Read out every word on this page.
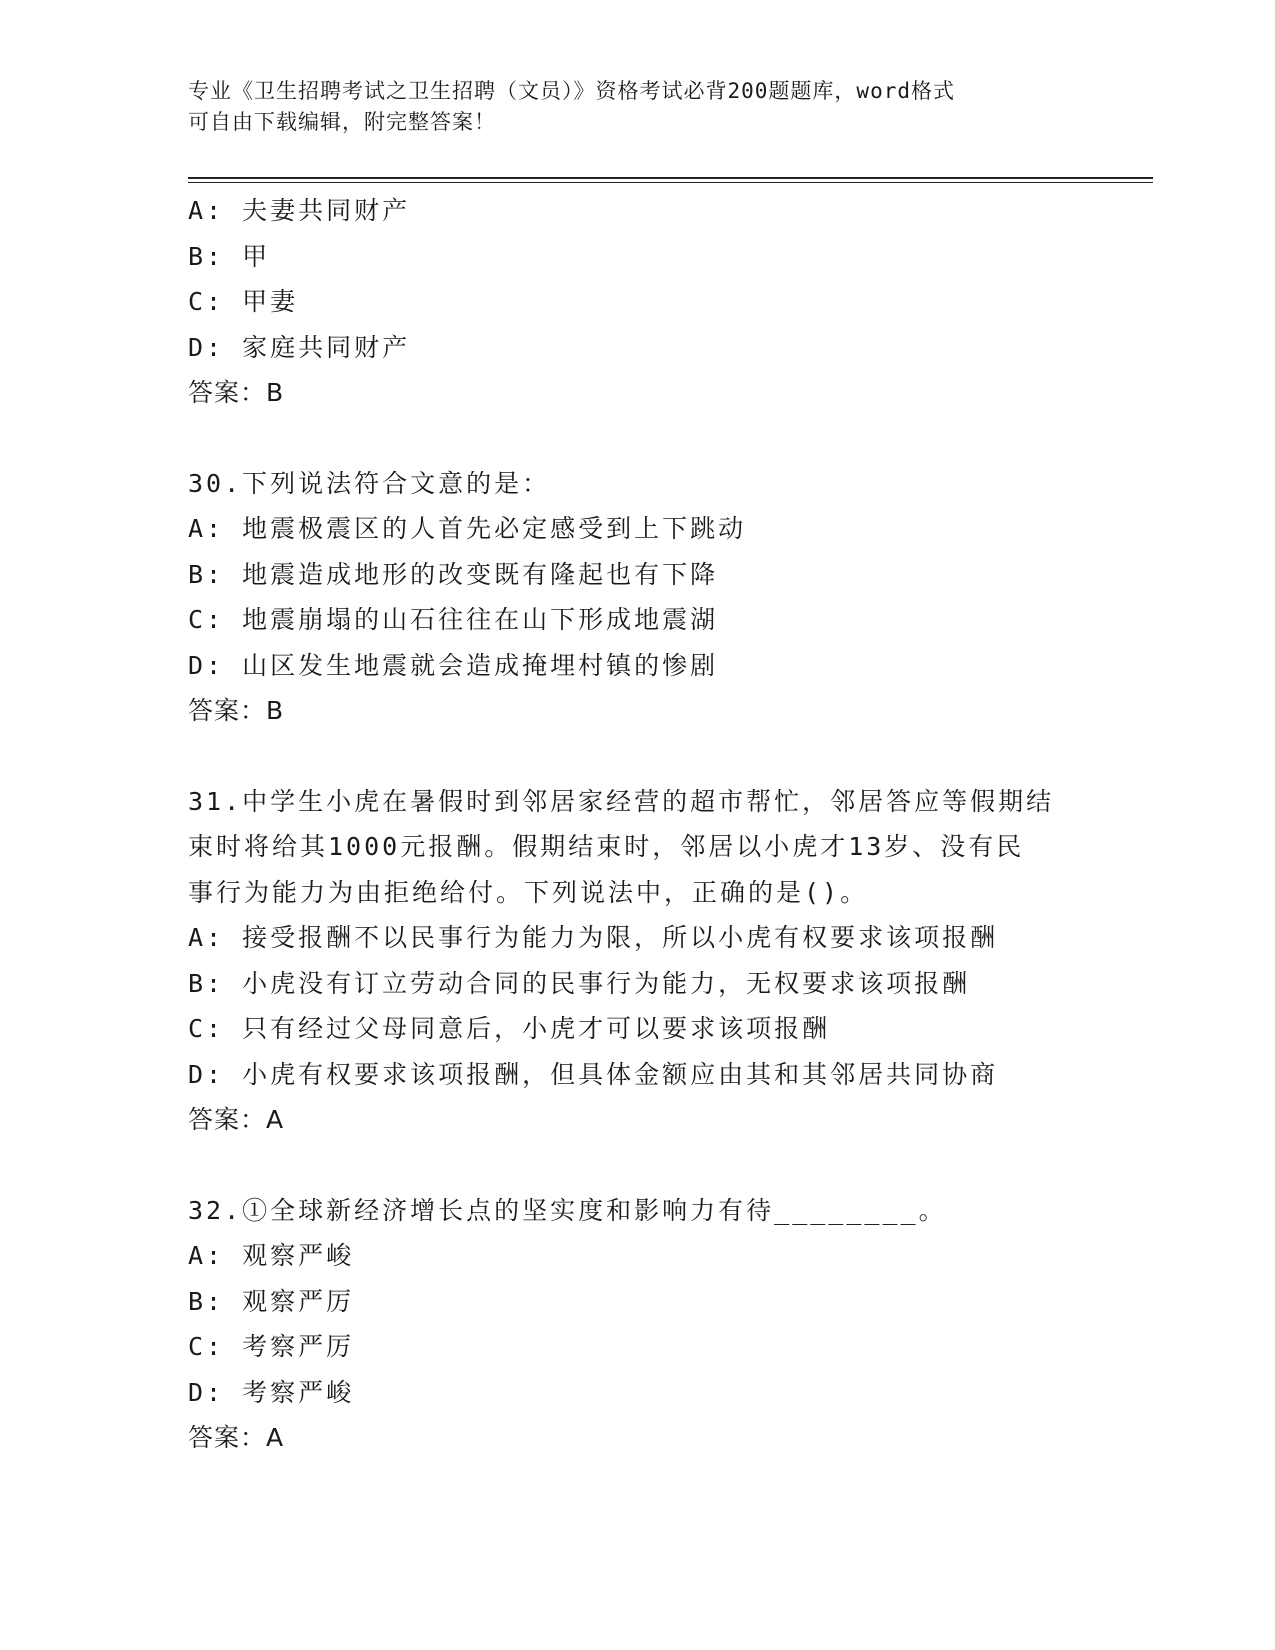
专业《卫生招聘考试之卫生招聘（文员）》资格考试必背200题题库，word格式
可自由下载编辑，附完整答案！
A: 夫妻共同财产
B: 甲
C: 甲妻
D: 家庭共同财产
答案：B
30.下列说法符合文意的是：
A: 地震极震区的人首先必定感受到上下跳动
B: 地震造成地形的改变既有隆起也有下降
C: 地震崩塌的山石往往在山下形成地震湖
D: 山区发生地震就会造成掩埋村镇的惨剧
答案：B
31.中学生小虎在暑假时到邻居家经营的超市帮忙，邻居答应等假期结
束时将给其1000元报酬。假期结束时，邻居以小虎才13岁、没有民
事行为能力为由拒绝给付。下列说法中，正确的是()。
A: 接受报酬不以民事行为能力为限，所以小虎有权要求该项报酬
B: 小虎没有订立劳动合同的民事行为能力，无权要求该项报酬
C: 只有经过父母同意后，小虎才可以要求该项报酬
D: 小虎有权要求该项报酬，但具体金额应由其和其邻居共同协商
答案：A
32.①全球新经济增长点的坚实度和影响力有待________。
A: 观察严峻
B: 观察严厉
C: 考察严厉
D: 考察严峻
答案：A
